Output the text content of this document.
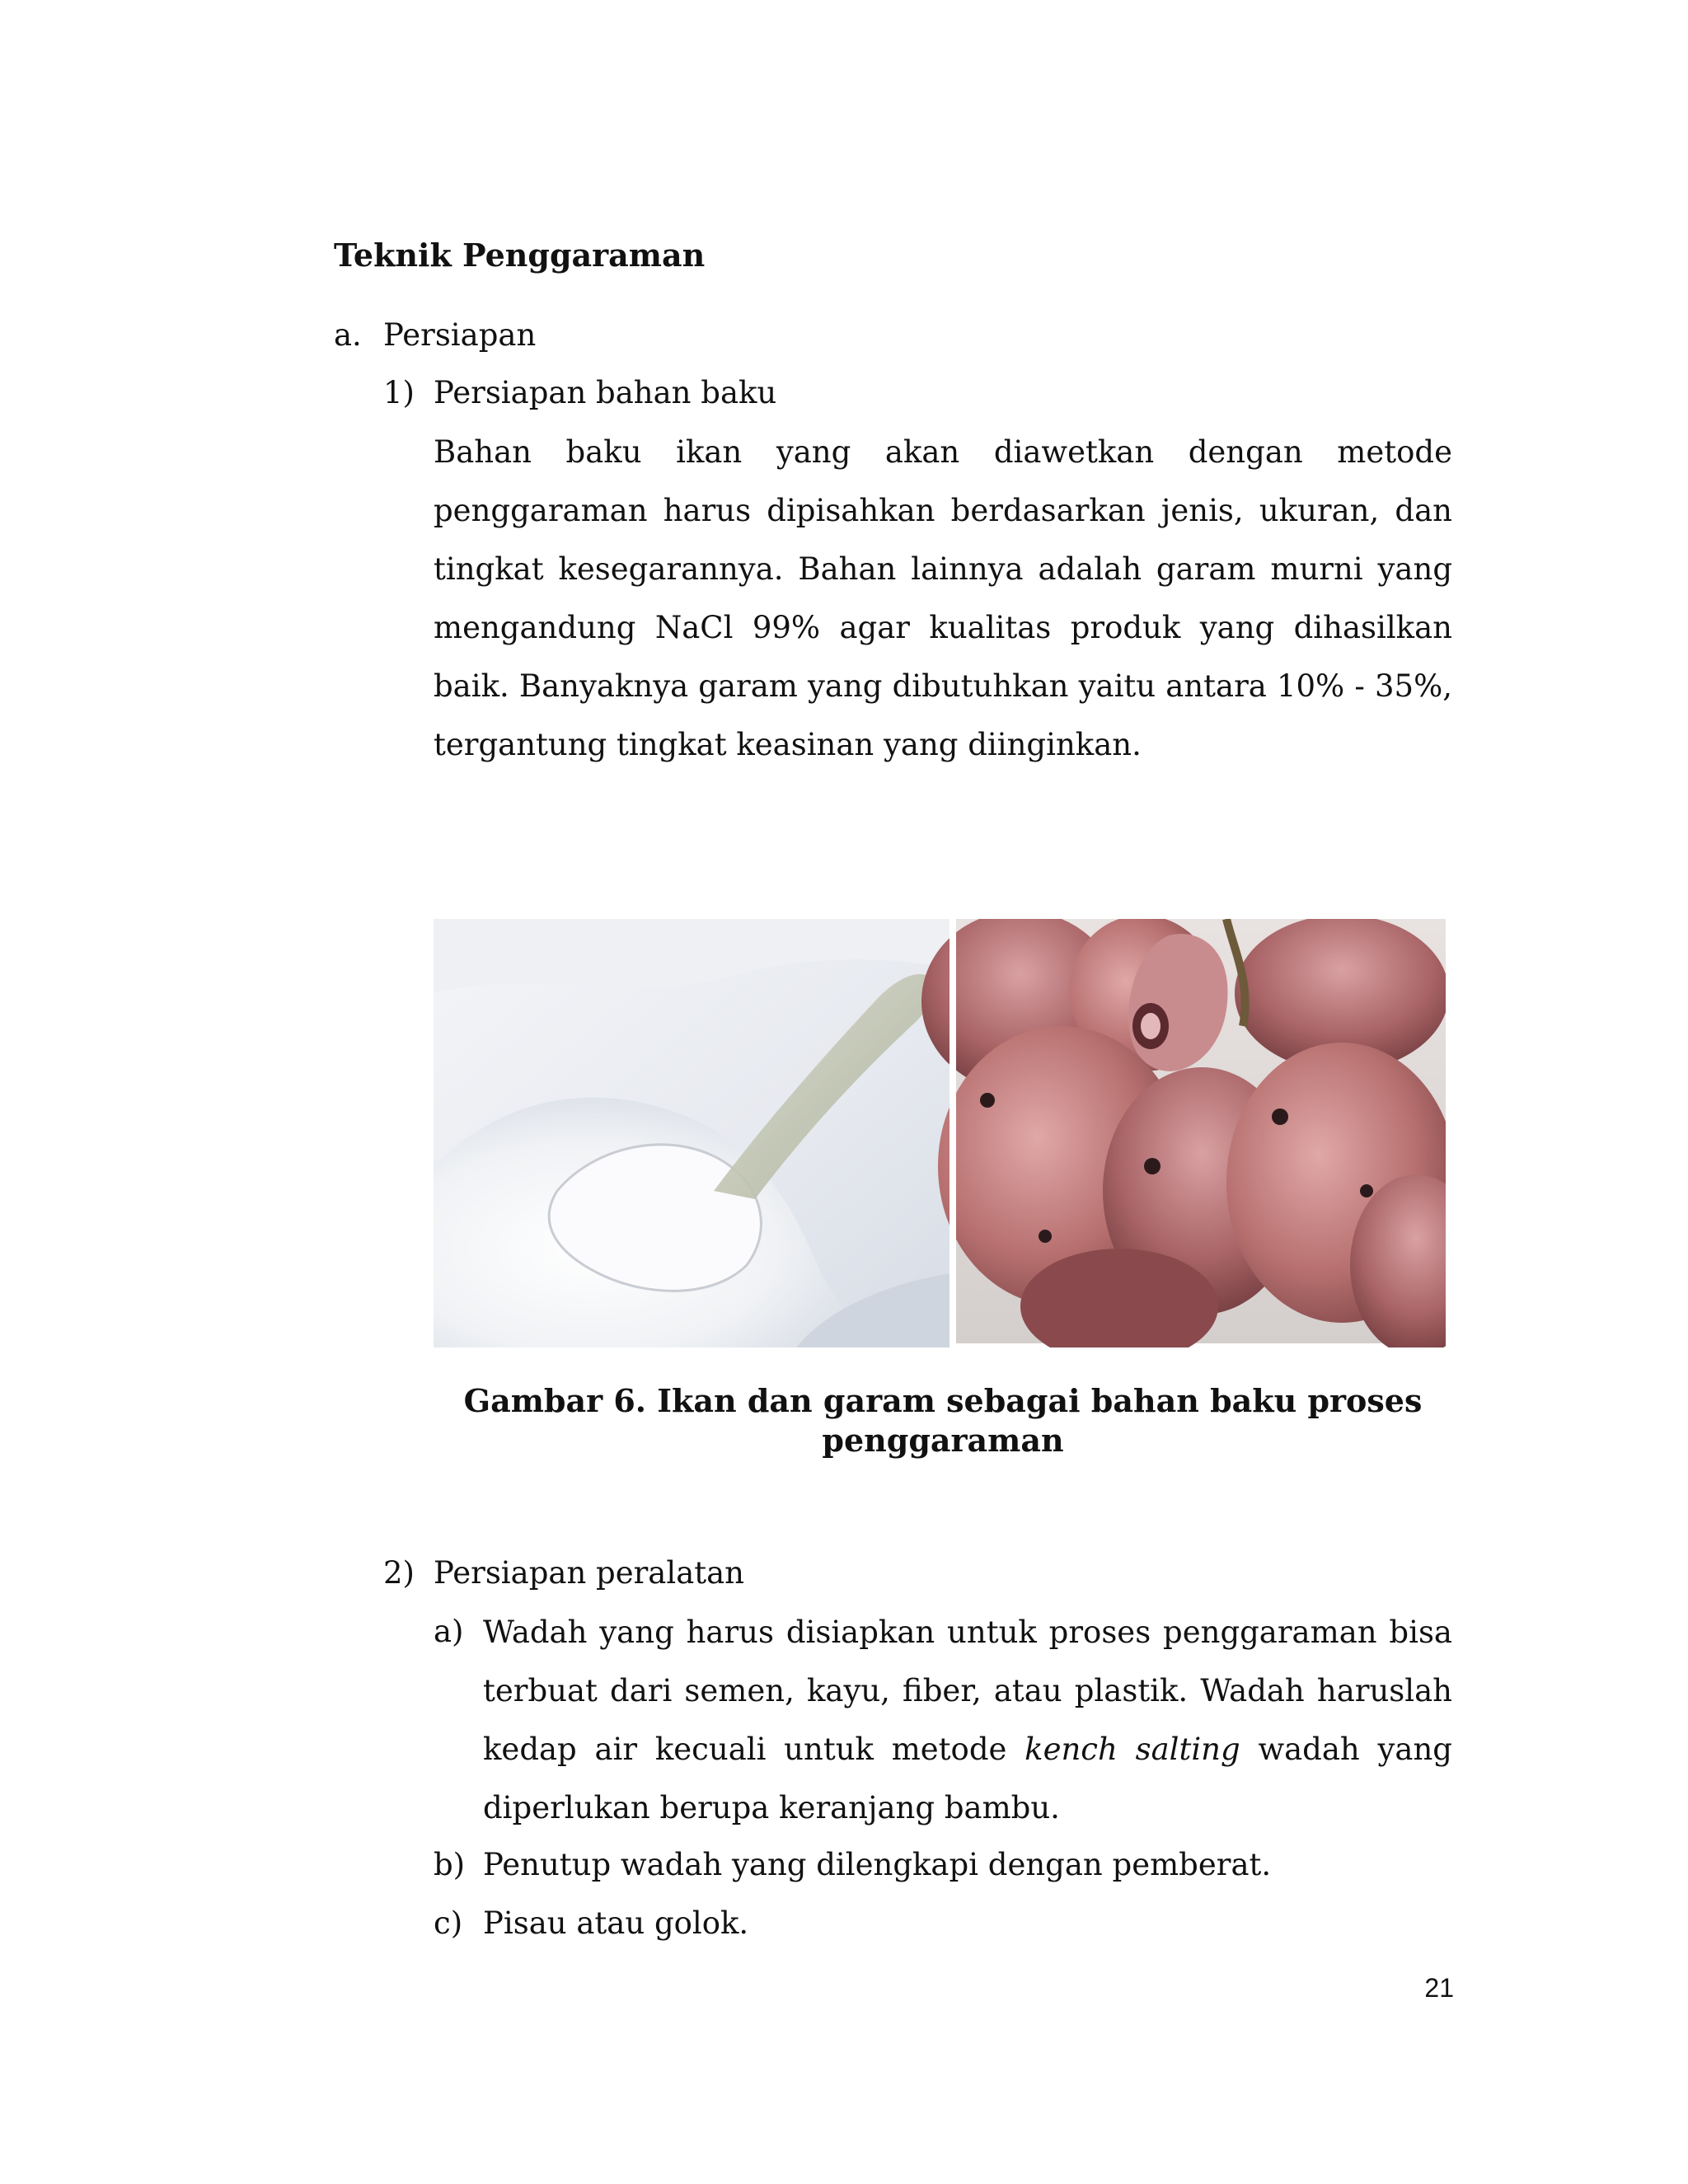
Teknik Penggaraman
a. Persiapan
1) Persiapan bahan baku
Bahan baku ikan yang akan diawetkan dengan metode penggaraman harus dipisahkan berdasarkan jenis, ukuran, dan tingkat kesegarannya. Bahan lainnya adalah garam murni yang mengandung NaCl 99% agar kualitas produk yang dihasilkan baik. Banyaknya garam yang dibutuhkan yaitu antara 10% - 35%, tergantung tingkat keasinan yang diinginkan.
Gambar 6. Ikan dan garam sebagai bahan baku proses
penggaraman
2) Persiapan peralatan
a) Wadah yang harus disiapkan untuk proses penggaraman bisa terbuat dari semen, kayu, fiber, atau plastik. Wadah haruslah kedap air kecuali untuk metode kench salting wadah yang diperlukan berupa keranjang bambu.
b) Penutup wadah yang dilengkapi dengan pemberat.
c) Pisau atau golok.
21
